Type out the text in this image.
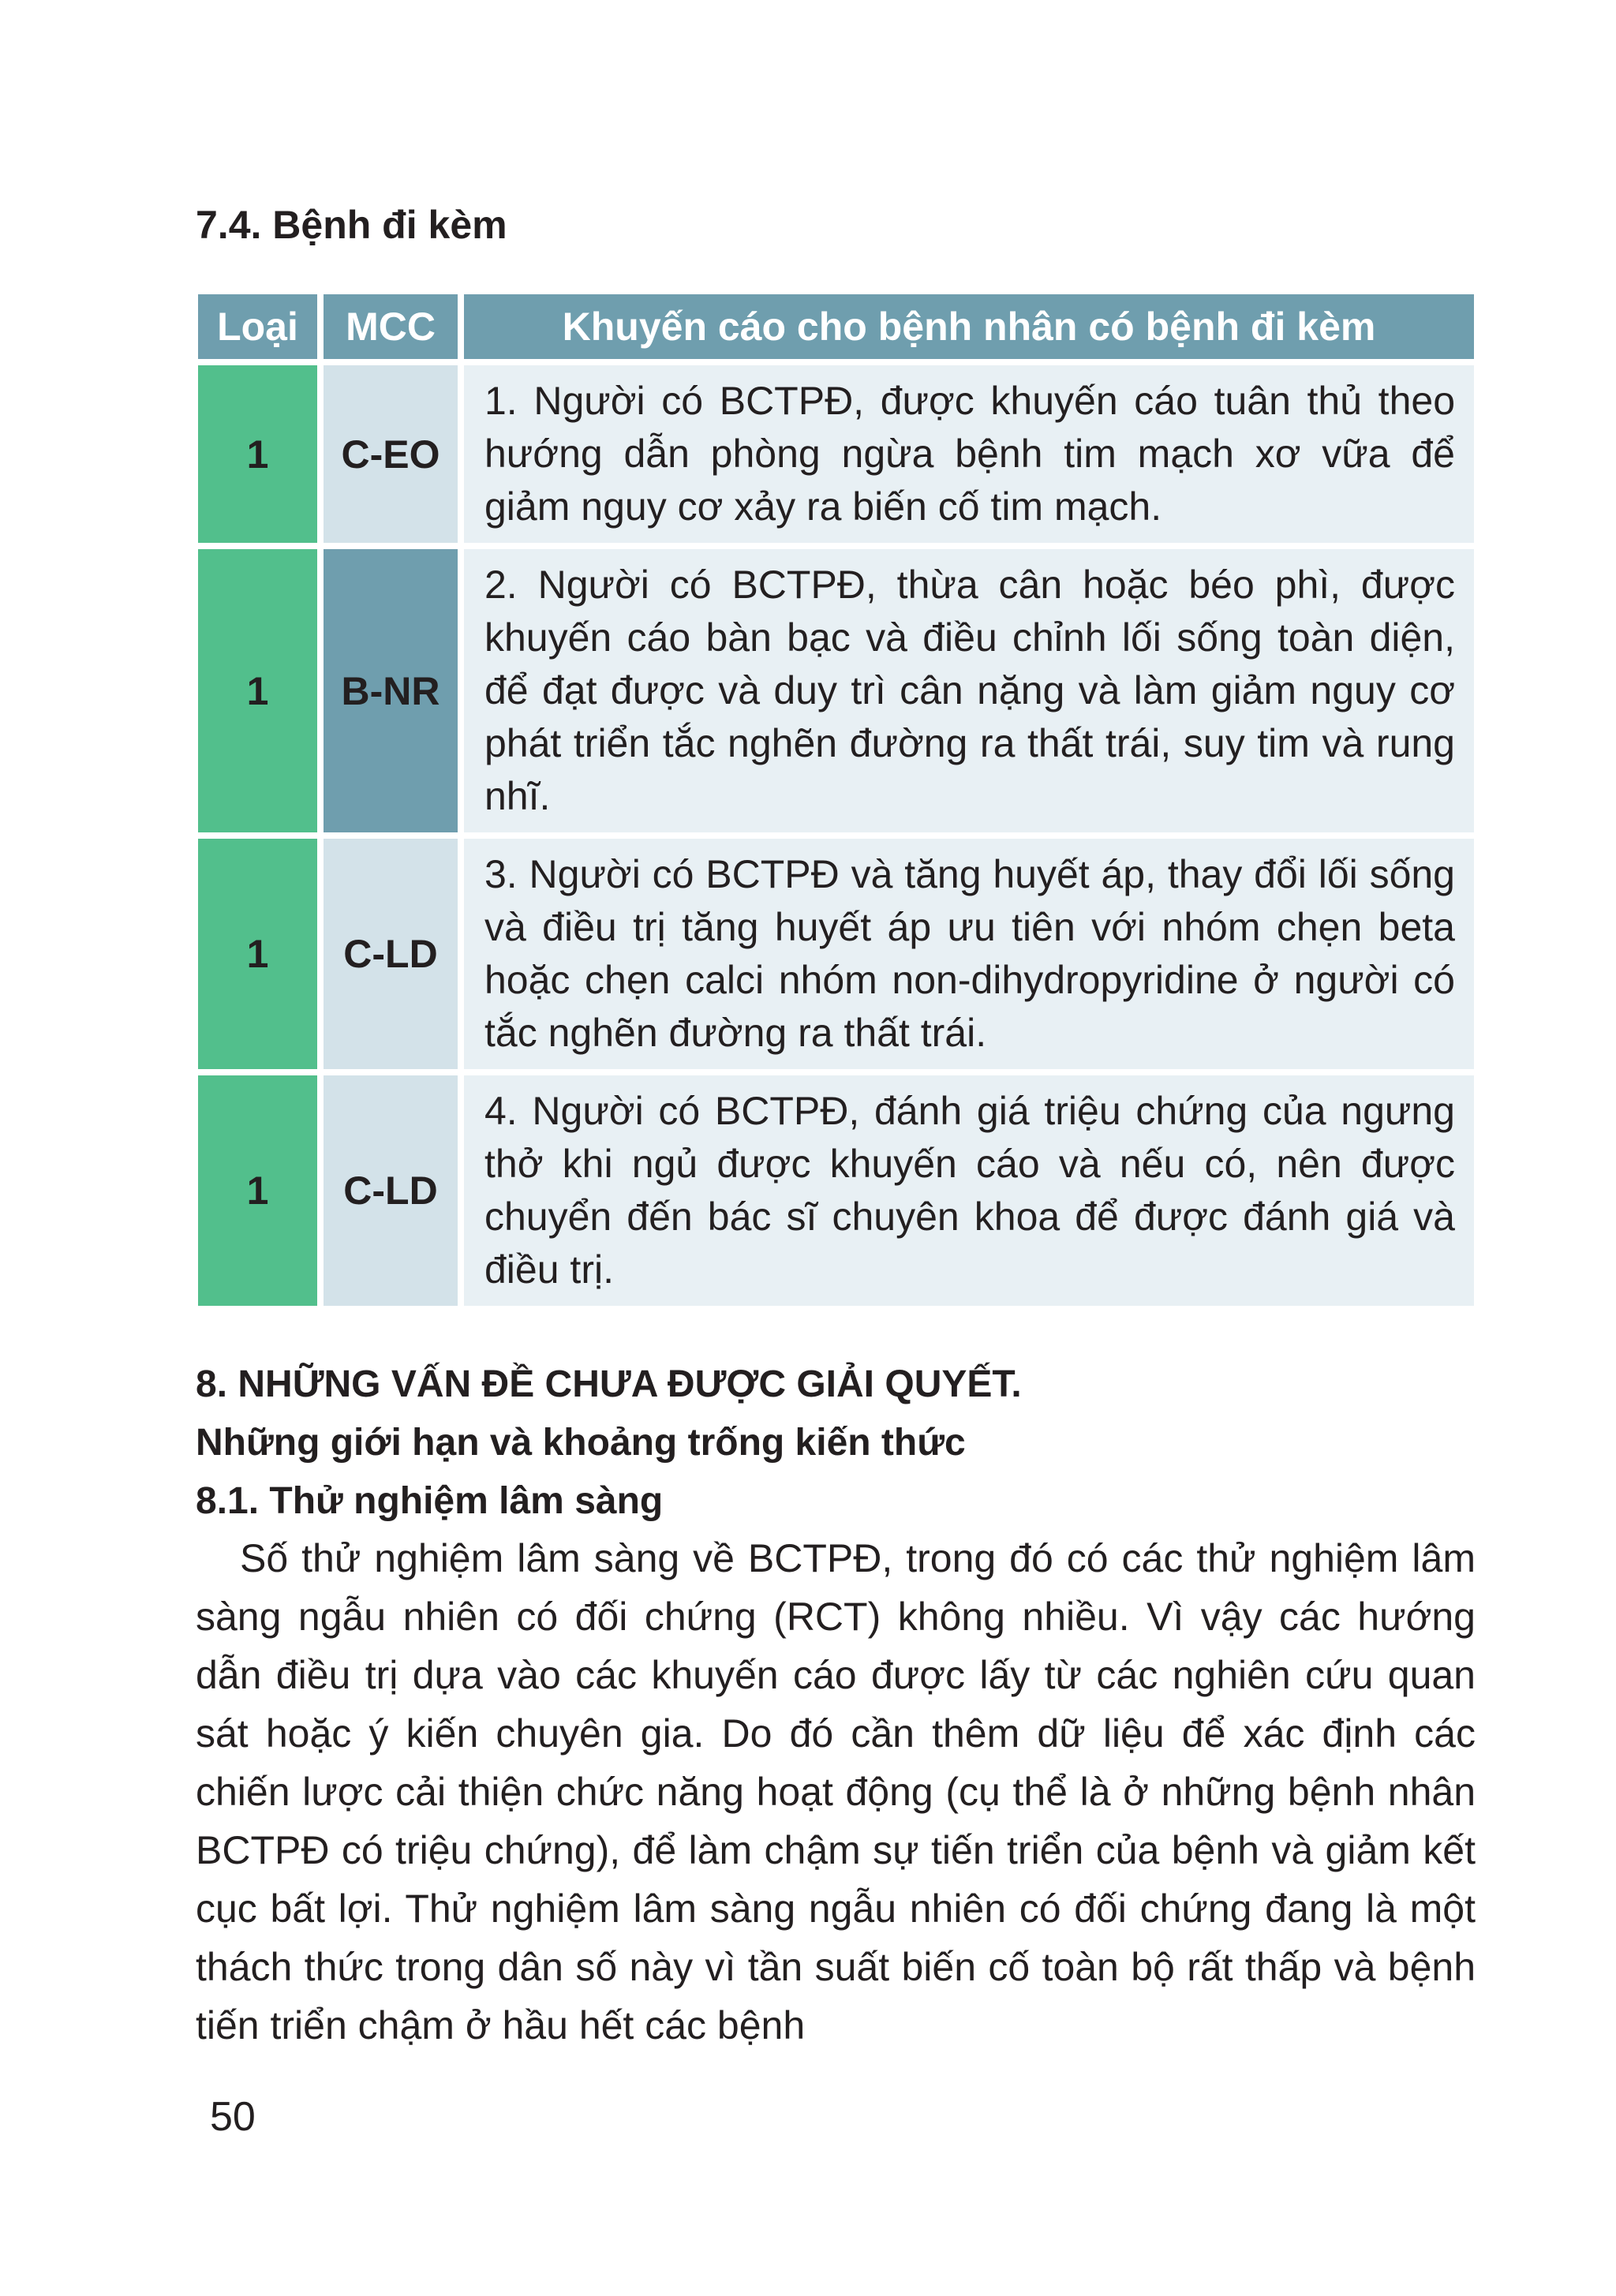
7.4. Bệnh đi kèm
Loại	MCC	Khuyến cáo cho bệnh nhân có bệnh đi kèm
1	C-EO	1. Người có BCTPĐ, được khuyến cáo tuân thủ theo hướng dẫn phòng ngừa bệnh tim mạch xơ vữa để giảm nguy cơ xảy ra biến cố tim mạch.
1	B-NR	2. Người có BCTPĐ, thừa cân hoặc béo phì, được khuyến cáo bàn bạc và điều chỉnh lối sống toàn diện, để đạt được và duy trì cân nặng và làm giảm nguy cơ phát triển tắc nghẽn đường ra thất trái, suy tim và rung nhĩ.
1	C-LD	3. Người có BCTPĐ và tăng huyết áp, thay đổi lối sống và điều trị tăng huyết áp ưu tiên với nhóm chẹn beta hoặc chẹn calci nhóm non-dihydropyridine ở người có tắc nghẽn đường ra thất trái.
1	C-LD	4. Người có BCTPĐ, đánh giá triệu chứng của ngưng thở khi ngủ được khuyến cáo và nếu có, nên được chuyển đến bác sĩ chuyên khoa để được đánh giá và điều trị.
8. NHỮNG VẤN ĐỀ CHƯA ĐƯỢC GIẢI QUYẾT.
Những giới hạn và khoảng trống kiến thức
8.1. Thử nghiệm lâm sàng

Số thử nghiệm lâm sàng về BCTPĐ, trong đó có các thử nghiệm lâm sàng ngẫu nhiên có đối chứng (RCT) không nhiều. Vì vậy các hướng dẫn điều trị dựa vào các khuyến cáo được lấy từ các nghiên cứu quan sát hoặc ý kiến chuyên gia. Do đó cần thêm dữ liệu để xác định các chiến lược cải thiện chức năng hoạt động (cụ thể là ở những bệnh nhân BCTPĐ có triệu chứng), để làm chậm sự tiến triển của bệnh và giảm kết cục bất lợi. Thử nghiệm lâm sàng ngẫu nhiên có đối chứng đang là một thách thức trong dân số này vì tần suất biến cố toàn bộ rất thấp và bệnh tiến triển chậm ở hầu hết các bệnh

50
